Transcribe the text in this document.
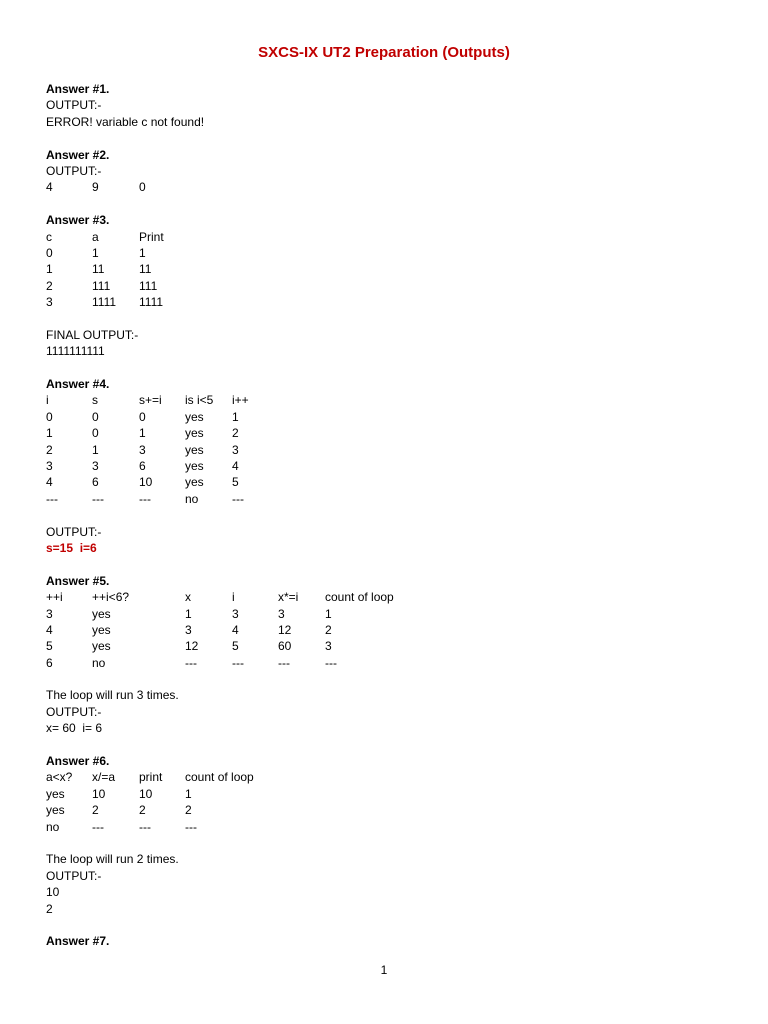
SXCS-IX UT2 Preparation (Outputs)
Answer #1.
OUTPUT:-
ERROR! variable c not found!
Answer #2.
OUTPUT:-
4	9	0
Answer #3.
c	a	Print
0	1	1
1	11	11
2	111	111
3	1111	1111
FINAL OUTPUT:-
1111111111
Answer #4.
i	s	s+=i	is i<5	i++
0	0	0	yes	1
1	0	1	yes	2
2	1	3	yes	3
3	3	6	yes	4
4	6	10	yes	5
---	---	---	no	---
OUTPUT:-
s=15  i=6
Answer #5.
++i	++i<6?	x	i	x*=i	count of loop
3	yes	1	3	3	1
4	yes	3	4	12	2
5	yes	12	5	60	3
6	no	---	---	---	---
The loop will run 3 times.
OUTPUT:-
x= 60  i= 6
Answer #6.
a<x?	x/=a	print	count of loop
yes	10	10	1
yes	2	2	2
no	---	---	---
The loop will run 2 times.
OUTPUT:-
10
2
Answer #7.
1
